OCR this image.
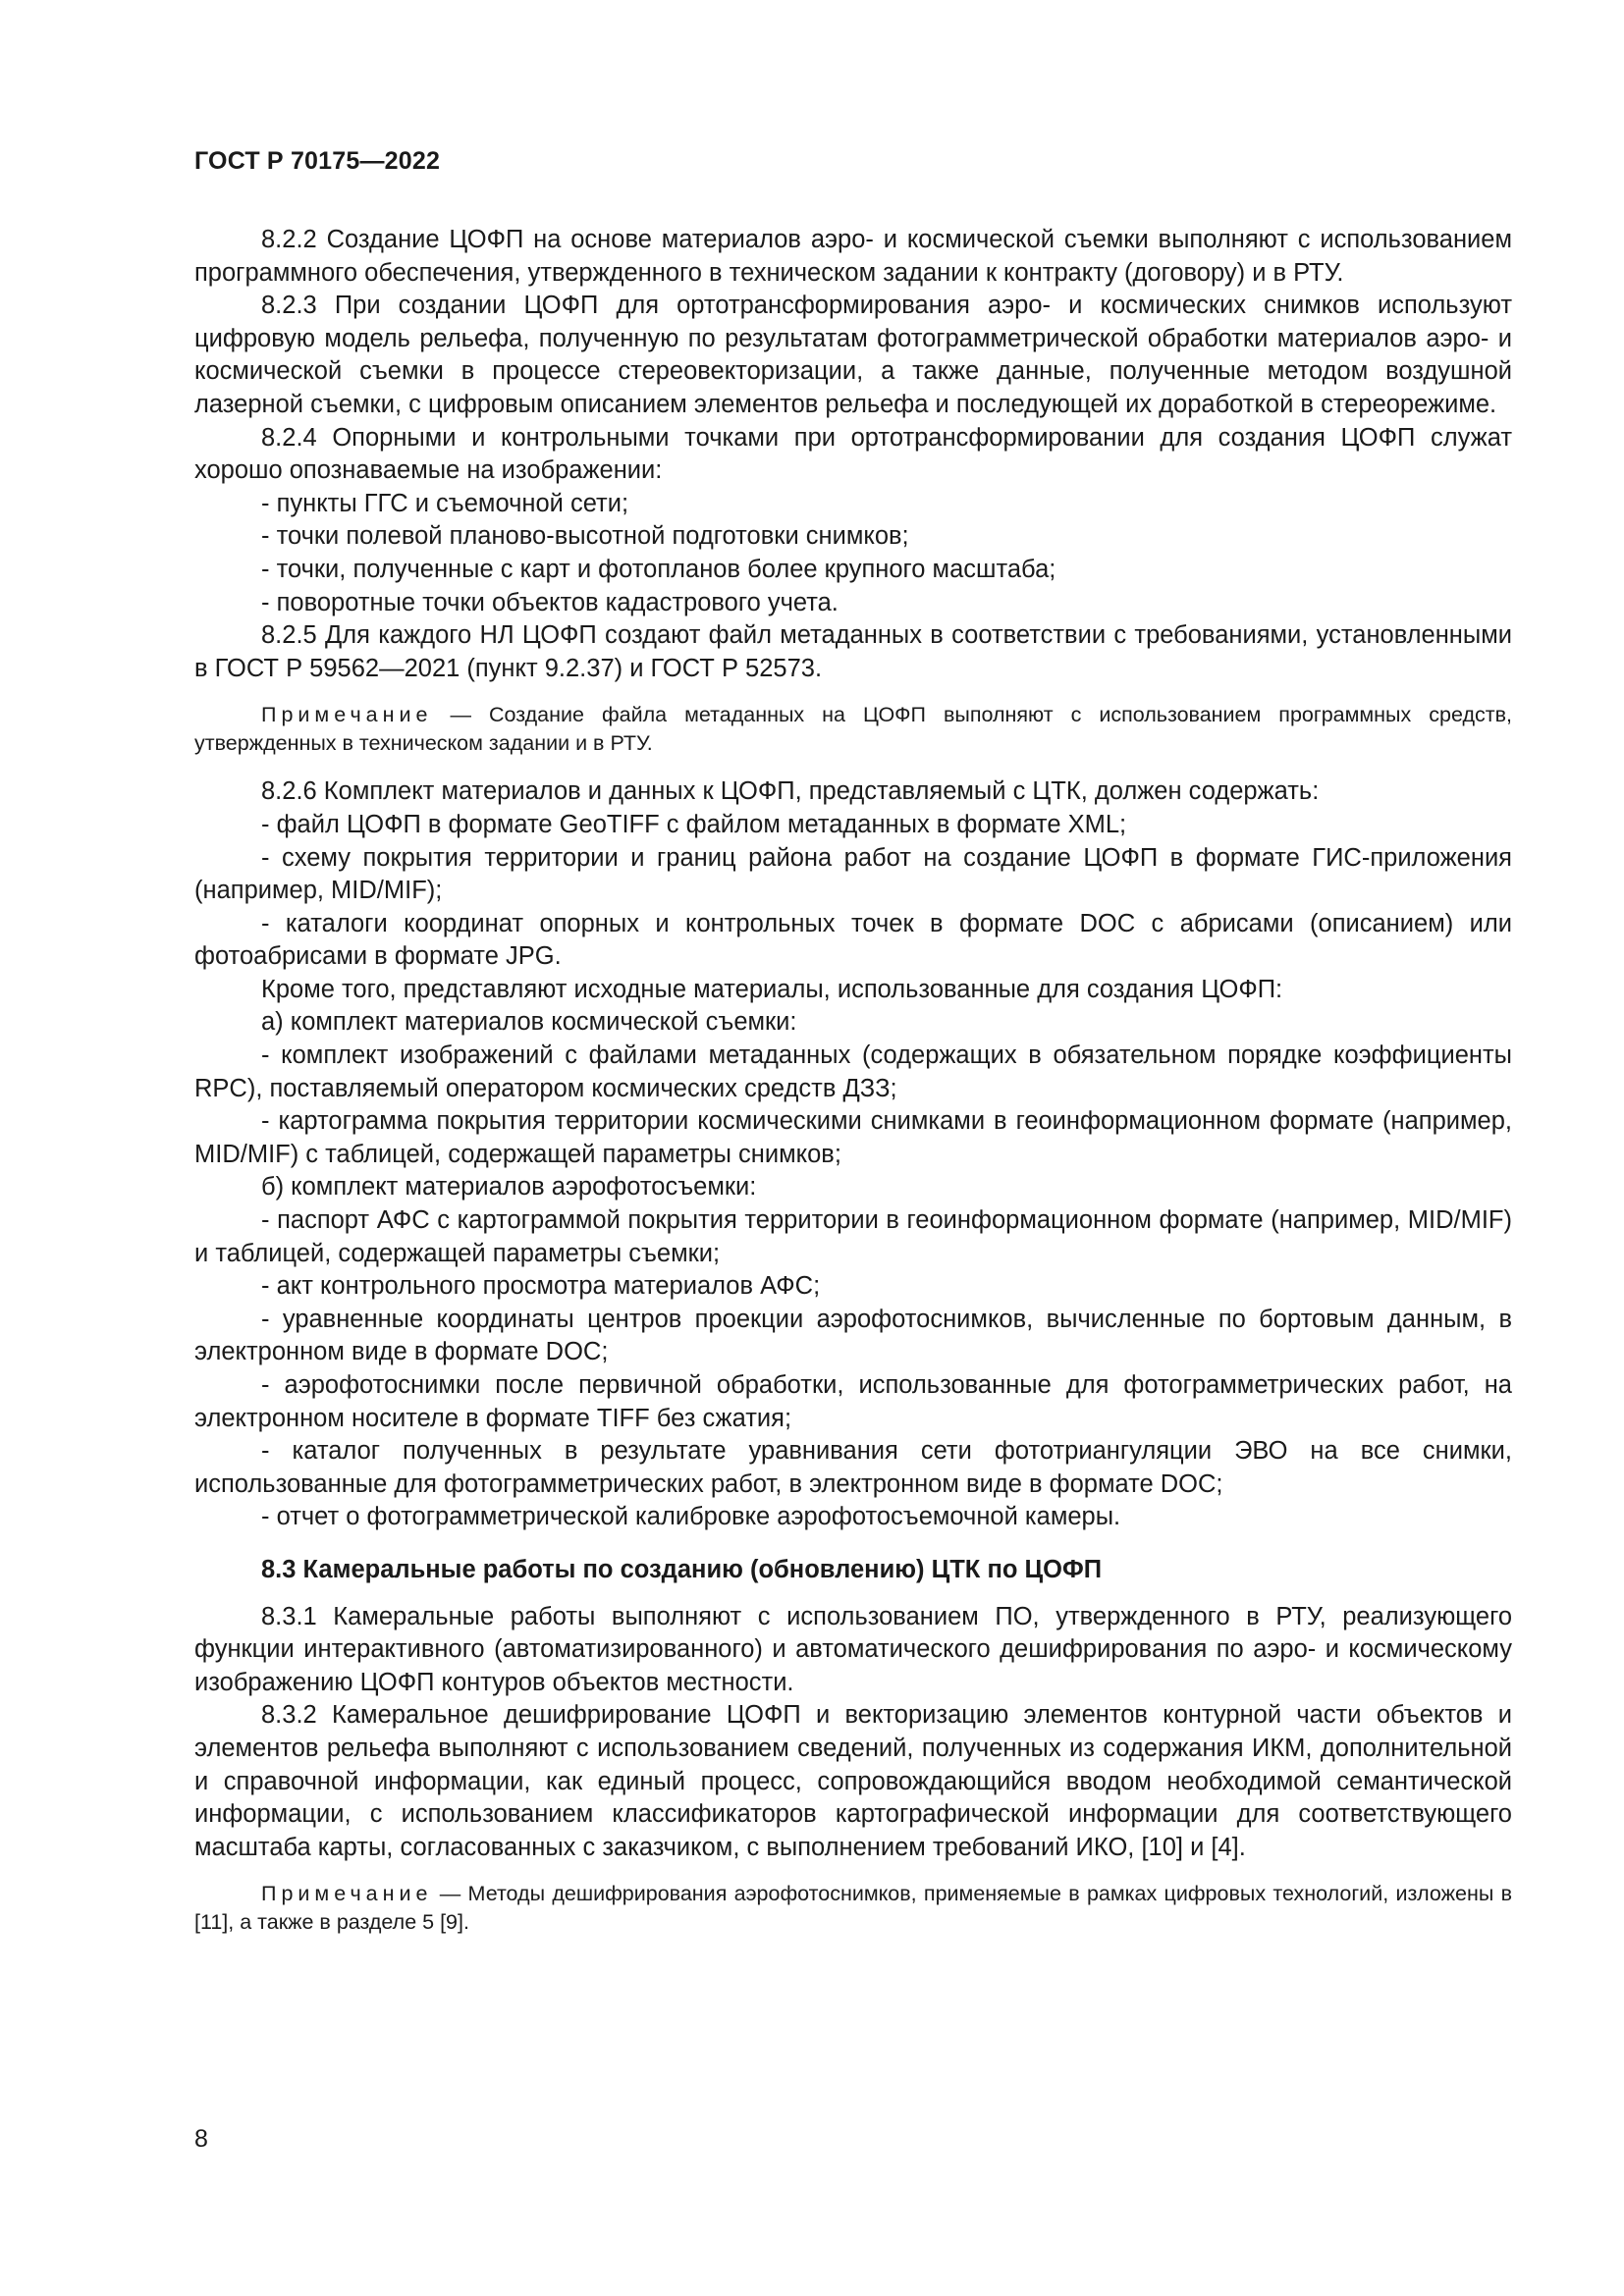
ГОСТ Р 70175—2022

8.2.2 Создание ЦОФП на основе материалов аэро- и космической съемки выполняют с использованием программного обеспечения, утвержденного в техническом задании к контракту (договору) и в РТУ.

8.2.3 При создании ЦОФП для ортотрансформирования аэро- и космических снимков используют цифровую модель рельефа, полученную по результатам фотограмметрической обработки материалов аэро- и космической съемки в процессе стереовекторизации, а также данные, полученные методом воздушной лазерной съемки, с цифровым описанием элементов рельефа и последующей их доработкой в стереорежиме.

8.2.4 Опорными и контрольными точками при ортотрансформировании для создания ЦОФП служат хорошо опознаваемые на изображении:

- пункты ГГС и съемочной сети;

- точки полевой планово-высотной подготовки снимков;

- точки, полученные с карт и фотопланов более крупного масштаба;

- поворотные точки объектов кадастрового учета.

8.2.5 Для каждого НЛ ЦОФП создают файл метаданных в соответствии с требованиями, установленными в ГОСТ Р 59562—2021 (пункт 9.2.37) и ГОСТ Р 52573.

Примечание — Создание файла метаданных на ЦОФП выполняют с использованием программных средств, утвержденных в техническом задании и в РТУ.

8.2.6 Комплект материалов и данных к ЦОФП, представляемый с ЦТК, должен содержать:

- файл ЦОФП в формате GeoTIFF с файлом метаданных в формате XML;

- схему покрытия территории и границ района работ на создание ЦОФП в формате ГИС-приложения (например, MID/MIF);

- каталоги координат опорных и контрольных точек в формате DOC с абрисами (описанием) или фотоабрисами в формате JPG.

Кроме того, представляют исходные материалы, использованные для создания ЦОФП:

а) комплект материалов космической съемки:

- комплект изображений с файлами метаданных (содержащих в обязательном порядке коэффициенты RPC), поставляемый оператором космических средств ДЗЗ;

- картограмма покрытия территории космическими снимками в геоинформационном формате (например, MID/MIF) с таблицей, содержащей параметры снимков;

б) комплект материалов аэрофотосъемки:

- паспорт АФС с картограммой покрытия территории в геоинформационном формате (например, MID/MIF) и таблицей, содержащей параметры съемки;

- акт контрольного просмотра материалов АФС;

- уравненные координаты центров проекции аэрофотоснимков, вычисленные по бортовым данным, в электронном виде в формате DOC;

- аэрофотоснимки после первичной обработки, использованные для фотограмметрических работ, на электронном носителе в формате TIFF без сжатия;

- каталог полученных в результате уравнивания сети фототриангуляции ЭВО на все снимки, использованные для фотограмметрических работ, в электронном виде в формате DOC;

- отчет о фотограмметрической калибровке аэрофотосъемочной камеры.

8.3 Камеральные работы по созданию (обновлению) ЦТК по ЦОФП

8.3.1 Камеральные работы выполняют с использованием ПО, утвержденного в РТУ, реализующего функции интерактивного (автоматизированного) и автоматического дешифрирования по аэро- и космическому изображению ЦОФП контуров объектов местности.

8.3.2 Камеральное дешифрирование ЦОФП и векторизацию элементов контурной части объектов и элементов рельефа выполняют с использованием сведений, полученных из содержания ИКМ, дополнительной и справочной информации, как единый процесс, сопровождающийся вводом необходимой семантической информации, с использованием классификаторов картографической информации для соответствующего масштаба карты, согласованных с заказчиком, с выполнением требований ИКО, [10] и [4].

Примечание — Методы дешифрирования аэрофотоснимков, применяемые в рамках цифровых технологий, изложены в [11], а также в разделе 5 [9].

8
